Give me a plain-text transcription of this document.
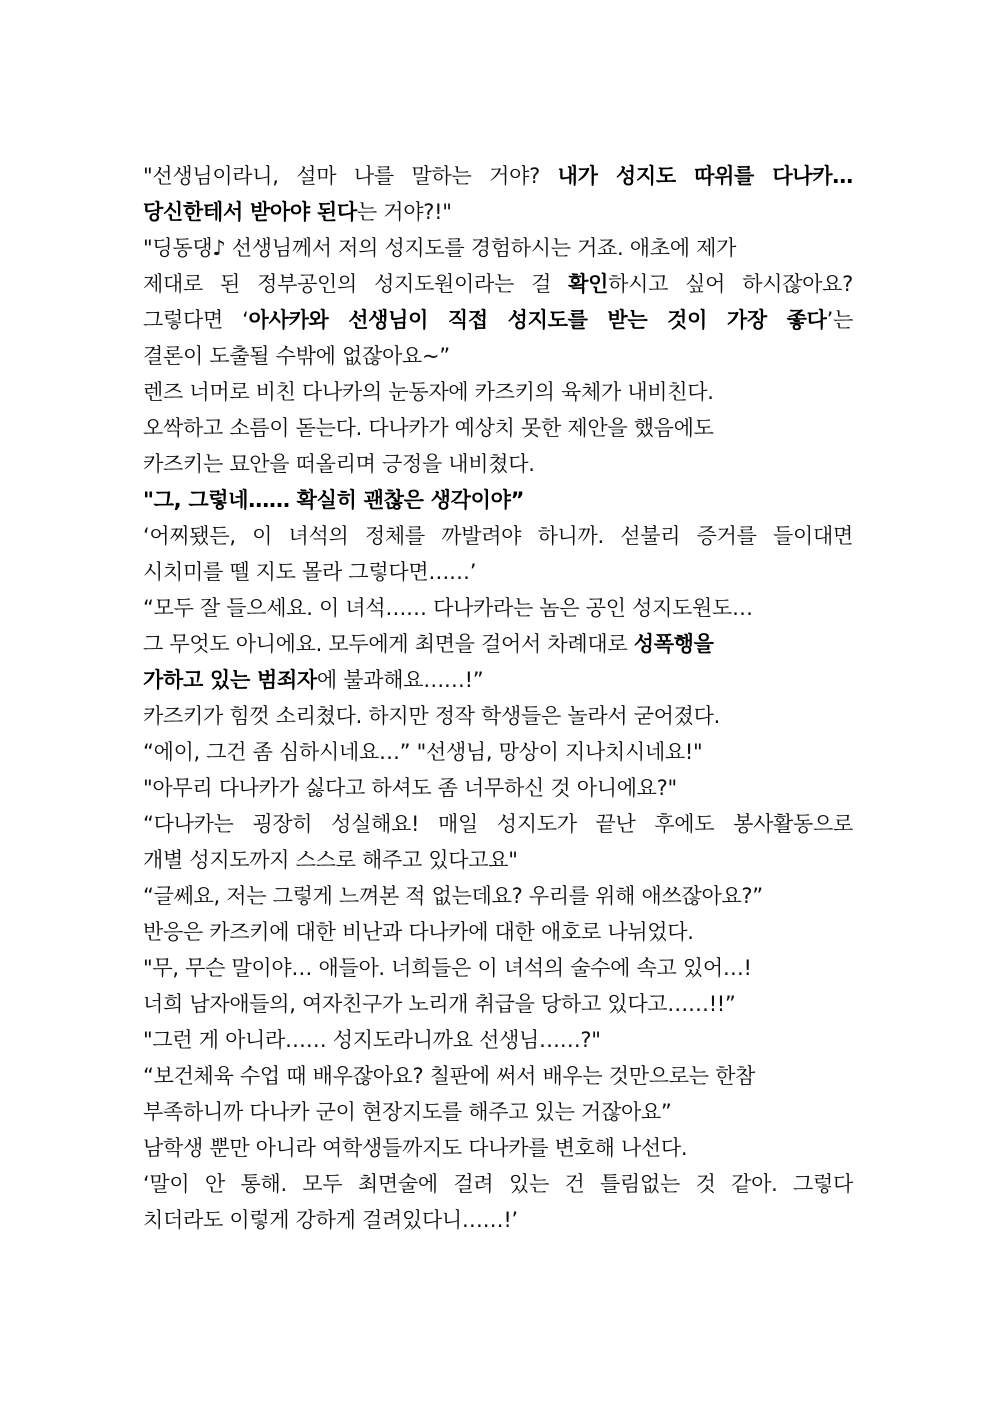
"선생님이라니, 설마 나를 말하는 거야? 내가 성지도 따위를 다나카…
당신한테서 받아야 된다는 거야?!"
"딩동댕♪ 선생님께서 저의 성지도를 경험하시는 거죠. 애초에 제가
제대로 된 정부공인의 성지도원이라는 걸 확인하시고 싶어 하시잖아요?
그렇다면 ‘아사카와 선생님이 직접 성지도를 받는 것이 가장 좋다’는
결론이 도출될 수밖에 없잖아요~”
렌즈 너머로 비친 다나카의 눈동자에 카즈키의 육체가 내비친다.
오싹하고 소름이 돋는다. 다나카가 예상치 못한 제안을 했음에도
카즈키는 묘안을 떠올리며 긍정을 내비쳤다.
"그, 그렇네…… 확실히 괜찮은 생각이야”
‘어찌됐든, 이 녀석의 정체를 까발려야 하니까. 섣불리 증거를 들이대면
시치미를 뗄 지도 몰라 그렇다면……’
“모두 잘 들으세요. 이 녀석…… 다나카라는 놈은 공인 성지도원도…
그 무엇도 아니에요. 모두에게 최면을 걸어서 차례대로 성폭행을
가하고 있는 범죄자에 불과해요……!”
카즈키가 힘껏 소리쳤다. 하지만 정작 학생들은 놀라서 굳어졌다.
“에이, 그건 좀 심하시네요…” "선생님, 망상이 지나치시네요!"
"아무리 다나카가 싫다고 하셔도 좀 너무하신 것 아니에요?"
“다나카는 굉장히 성실해요! 매일 성지도가 끝난 후에도 봉사활동으로
개별 성지도까지 스스로 해주고 있다고요"
“글쎄요, 저는 그렇게 느껴본 적 없는데요? 우리를 위해 애쓰잖아요?”
반응은 카즈키에 대한 비난과 다나카에 대한 애호로 나뉘었다.
"무, 무슨 말이야… 애들아. 너희들은 이 녀석의 술수에 속고 있어…!
너희 남자애들의, 여자친구가 노리개 취급을 당하고 있다고……!!”
"그런 게 아니라…… 성지도라니까요 선생님……?"
“보건체육 수업 때 배우잖아요? 칠판에 써서 배우는 것만으로는 한참
부족하니까 다나카 군이 현장지도를 해주고 있는 거잖아요”
남학생 뿐만 아니라 여학생들까지도 다나카를 변호해 나선다.
‘말이 안 통해. 모두 최면술에 걸려 있는 건 틀림없는 것 같아. 그렇다
치더라도 이렇게 강하게 걸려있다니……!’
